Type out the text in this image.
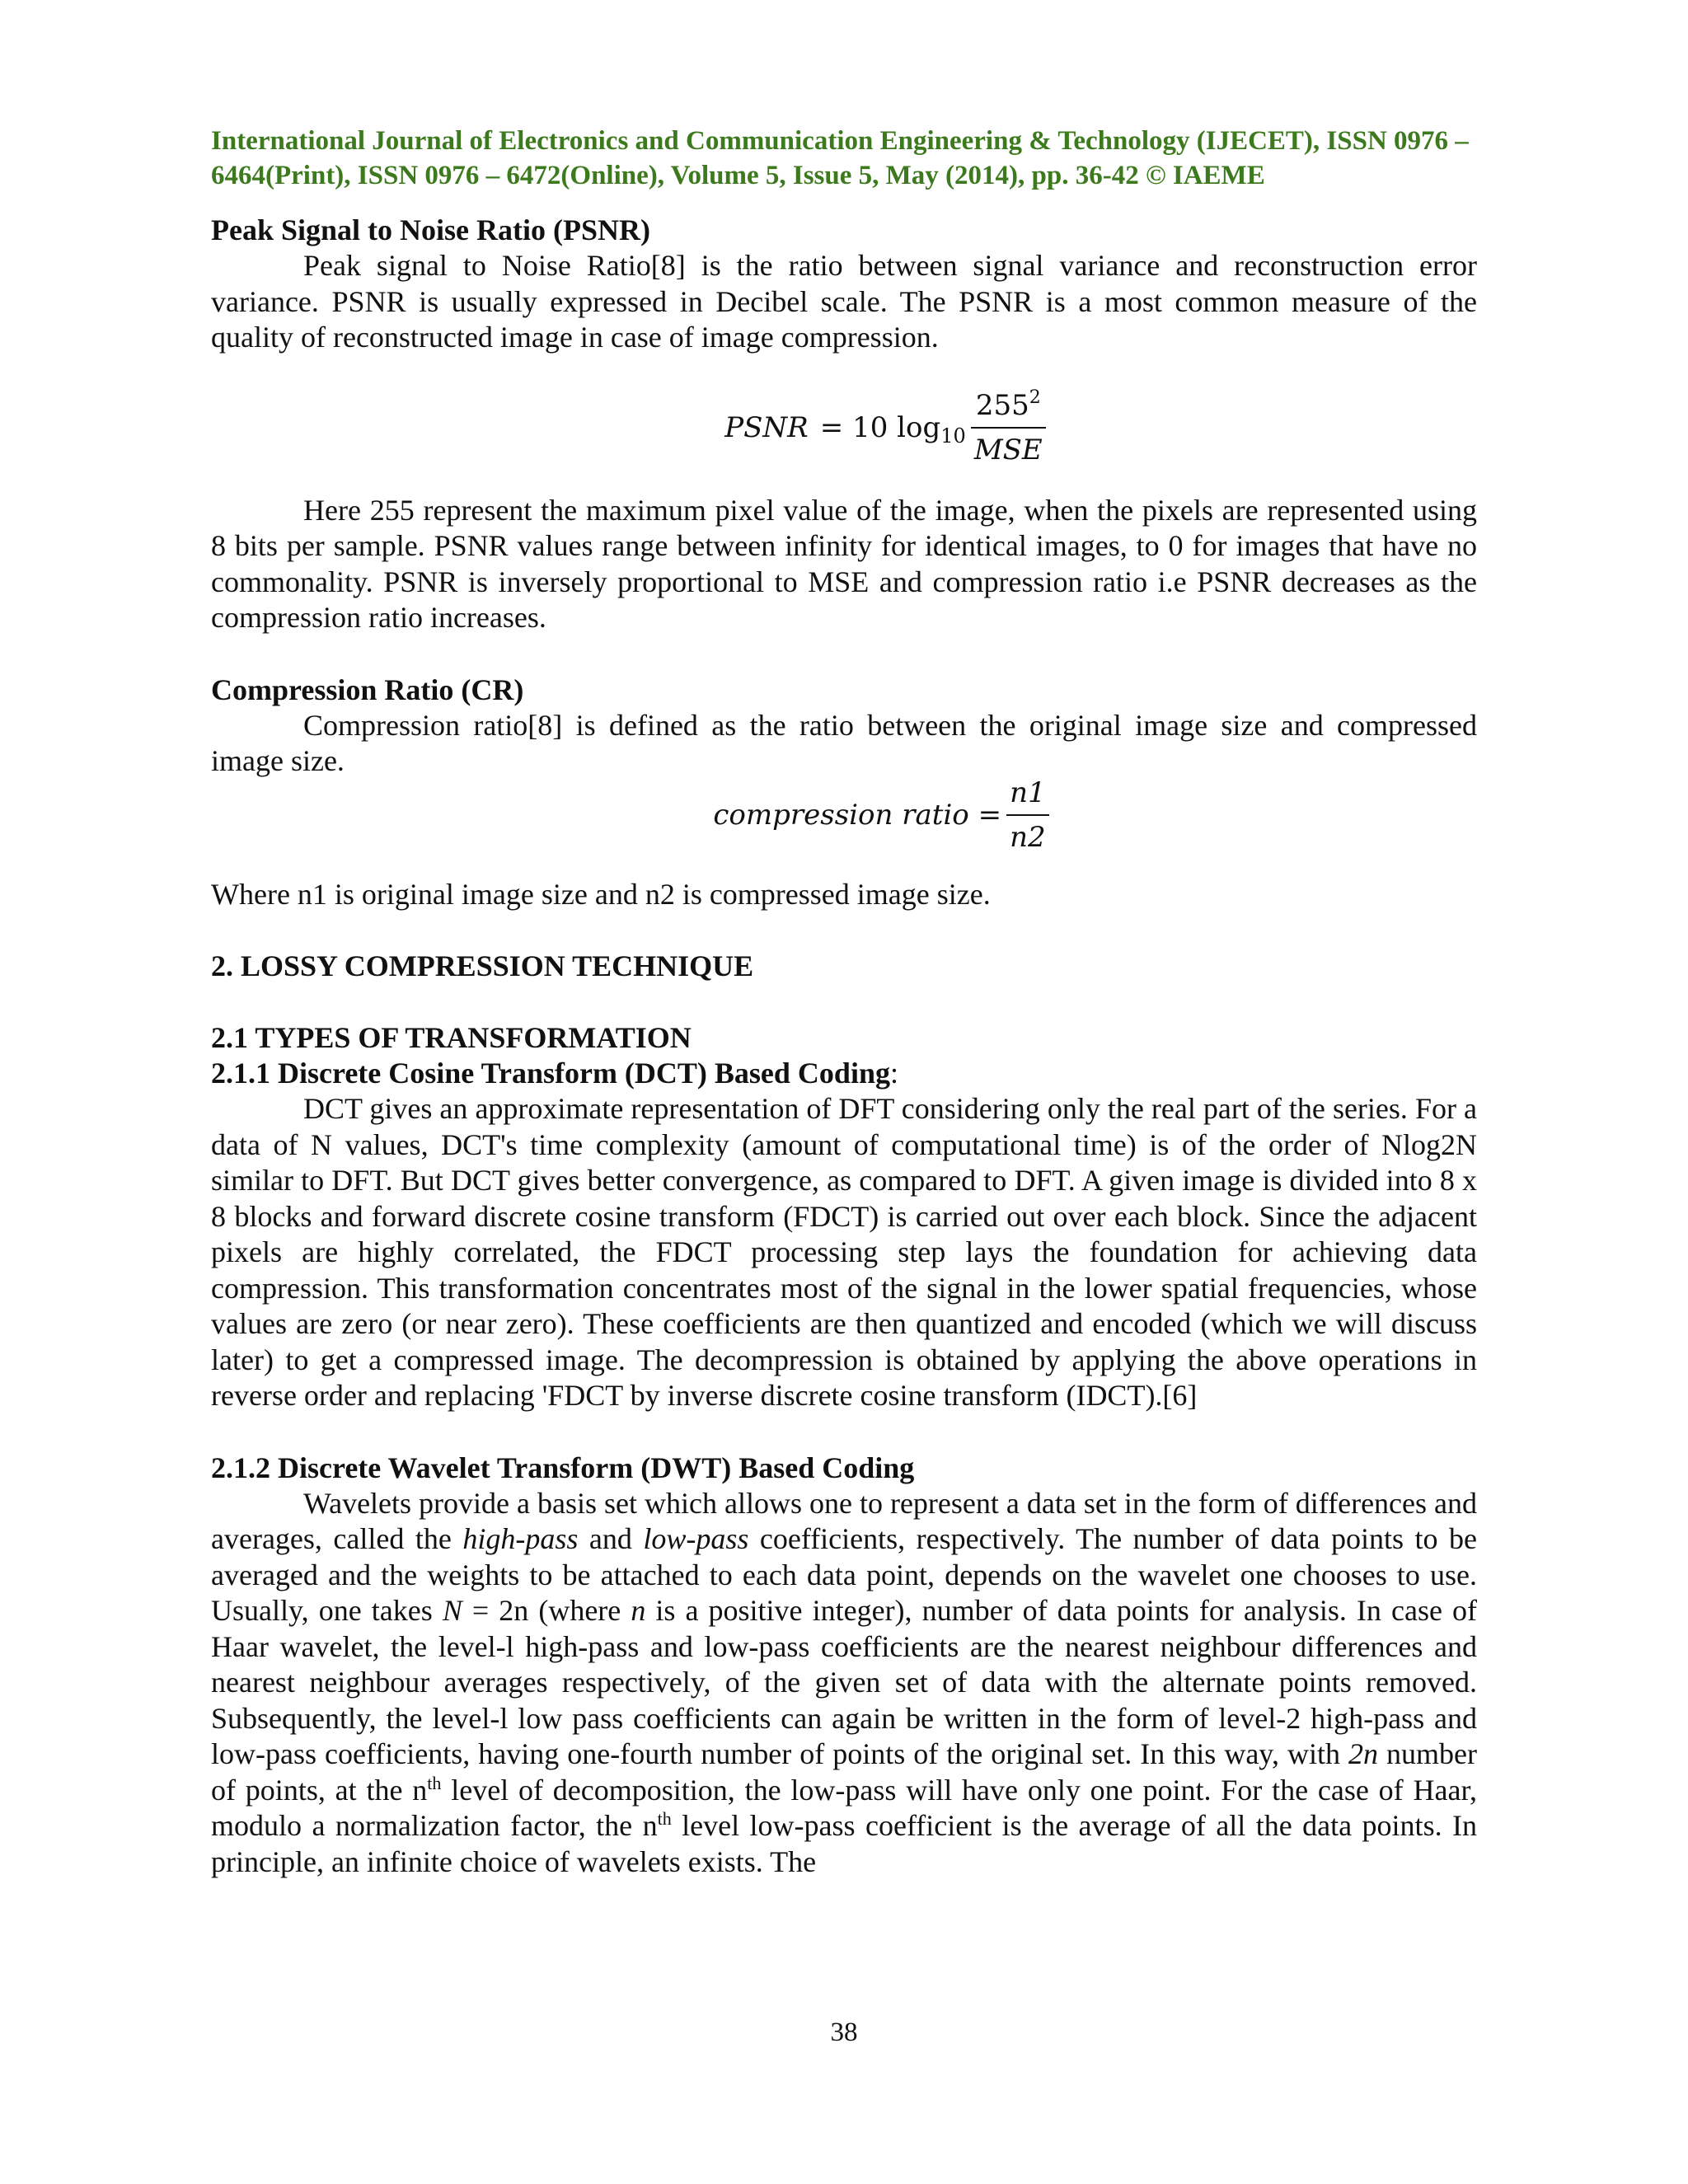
International Journal of Electronics and Communication Engineering & Technology (IJECET), ISSN 0976 –

6464(Print), ISSN 0976 – 6472(Online), Volume 5, Issue 5, May (2014), pp. 36-42 © IAEME

Peak Signal to Noise Ratio (PSNR)

Peak signal to Noise Ratio[8] is the ratio between signal variance and reconstruction error variance. PSNR is usually expressed in Decibel scale. The PSNR is a most common measure of the quality of reconstructed image in case of image compression.

PSNR = 10 $\log 10 \frac{255^2}{\text{MSE}}$

Here 255 represent the maximum pixel value of the image, when the pixels are represented using 8 bits per sample. PSNR values range between infinity for identical images, to 0 for images that have no commonality. PSNR is inversely proportional to MSE and compression ratio i.e PSNR decreases as the compression ratio increases.

Compression Ratio (CR)

Compression ratio[8] is defined as the ratio between the original image size and compressed image size.

compression ratio = $\frac{n1}{n2}$

Where n1 is original image size and n2 is compressed image size.

2. LOSSY COMPRESSION TECHNIQUE
2.1 TYPES OF TRANSFORMATION
2.1.1 Discrete Cosine Transform (DCT) Based Coding:

DCT gives an approximate representation of DFT considering only the real part of the series. For a data of N values, DCT's time complexity (amount of computational time) is of the order of Nlog2N similar to DFT. But DCT gives better convergence, as compared to DFT. A given image is divided into 8 x 8 blocks and forward discrete cosine transform (FDCT) is carried out over each block. Since the adjacent pixels are highly correlated, the FDCT processing step lays the foundation for achieving data compression. This transformation concentrates most of the signal in the lower spatial frequencies, whose values are zero (or near zero). These coefficients are then quantized and encoded (which we will discuss later) to get a compressed image. The decompression is obtained by applying the above operations in reverse order and replacing 'FDCT by inverse discrete cosine transform (IDCT).[6]

2.1.2 Discrete Wavelet Transform (DWT) Based Coding

Wavelets provide a basis set which allows one to represent a data set in the form of differences and averages, called the high-pass and low-pass coefficients, respectively. The number of data points to be averaged and the weights to be attached to each data point, depends on the wavelet one chooses to use. Usually, one takes N = 2n (where n is a positive integer), number of data points for analysis. In case of Haar wavelet, the level-l high-pass and low-pass coefficients are the nearest neighbour differences and nearest neighbour averages respectively, of the given set of data with the alternate points removed. Subsequently, the level-l low pass coefficients can again be written in the form of level-2 high-pass and low-pass coefficients, having one-fourth number of points of the original set. In this way, with 2n number of points, at the $n^{th}$ level of decomposition, the low-pass will have only one point. For the case of Haar, modulo a normalization factor, the $n^{th}$ level low-pass coefficient is the average of all the data points. In principle, an infinite choice of wavelets exists. The

38
